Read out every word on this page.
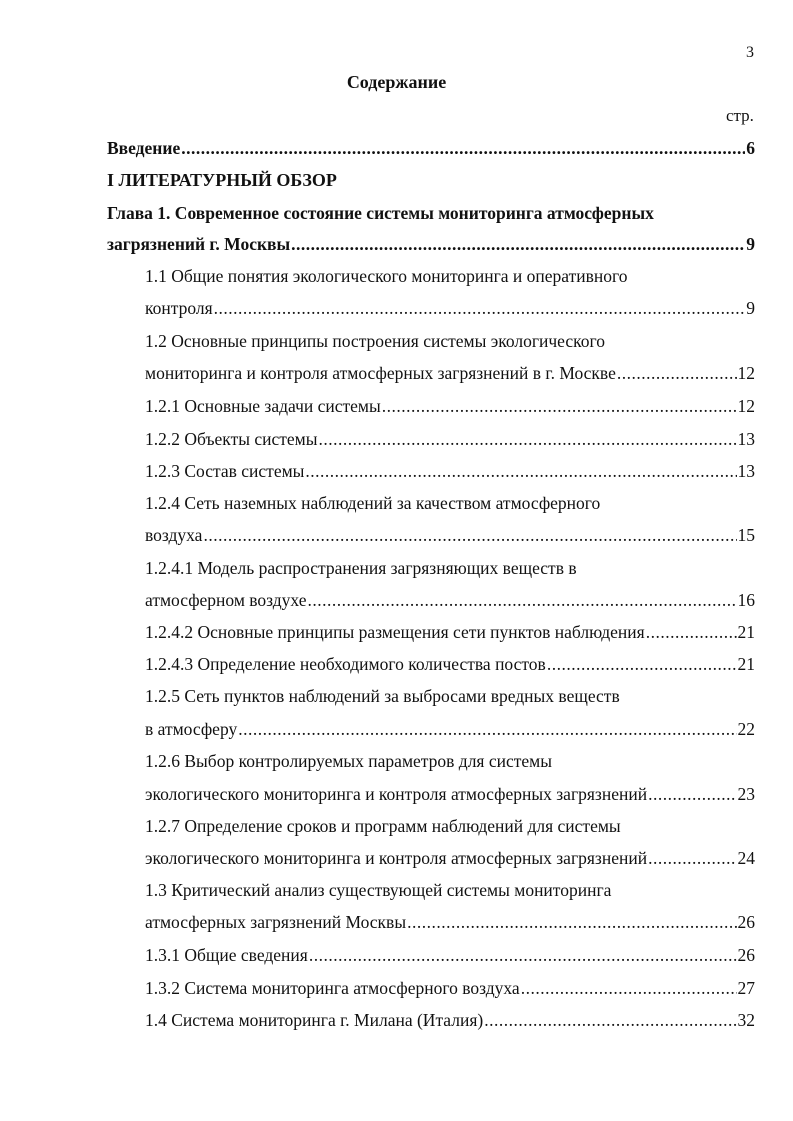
3
Содержание
стр.
Введение .....	6
I ЛИТЕРАТУРНЫЙ ОБЗОР
Глава 1. Современное состояние системы мониторинга атмосферных
загрязнений г. Москвы .....	9
1.1 Общие понятия экологического мониторинга и оперативного
контроля .....	9
1.2 Основные принципы построения системы экологического
мониторинга и контроля атмосферных загрязнений в г. Москве .....	12
1.2.1 Основные задачи системы .....	12
1.2.2 Объекты системы .....	13
1.2.3 Состав системы .....	13
1.2.4 Сеть наземных наблюдений за качеством атмосферного
воздуха .....	15
1.2.4.1 Модель распространения загрязняющих веществ в
атмосферном воздухе .....	16
1.2.4.2 Основные принципы размещения сети пунктов наблюдения .....	21
1.2.4.3 Определение необходимого количества постов .....	21
1.2.5 Сеть пунктов наблюдений за выбросами вредных веществ
в атмосферу .....	22
1.2.6 Выбор контролируемых параметров для системы
экологического мониторинга и контроля атмосферных загрязнений .....	23
1.2.7 Определение сроков и программ наблюдений для системы
экологического мониторинга и контроля атмосферных загрязнений .....	24
1.3 Критический анализ существующей системы мониторинга
атмосферных загрязнений Москвы .....	26
1.3.1 Общие сведения .....	26
1.3.2 Система мониторинга атмосферного воздуха .....	27
1.4 Система мониторинга г. Милана (Италия) .....	32
